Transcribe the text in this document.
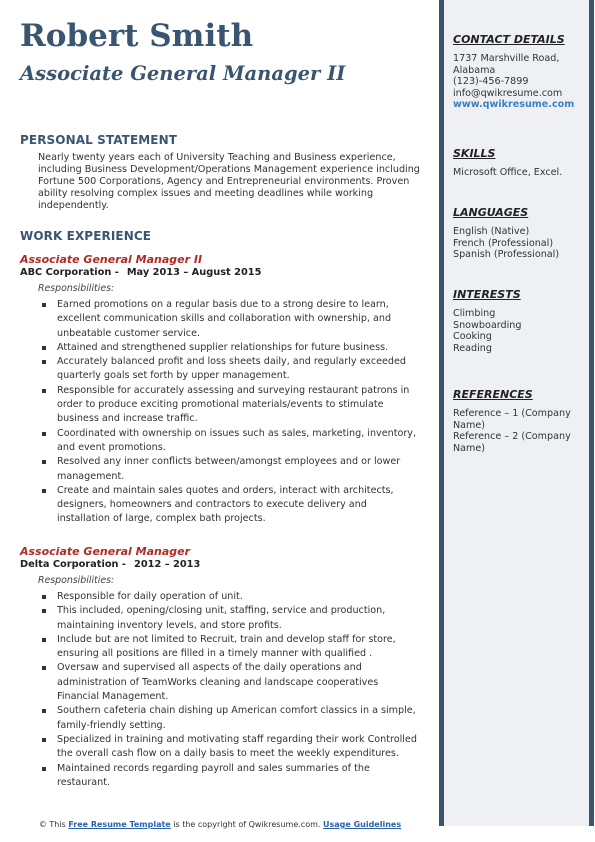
Robert Smith
Associate General Manager II
PERSONAL STATEMENT
Nearly twenty years each of University Teaching and Business experience, including Business Development/Operations Management experience including Fortune 500 Corporations, Agency and Entrepreneurial environments. Proven ability resolving complex issues and meeting deadlines while working independently.
WORK EXPERIENCE
Associate General Manager II
ABC Corporation - May 2013 – August 2015
Responsibilities:
Earned promotions on a regular basis due to a strong desire to learn, excellent communication skills and collaboration with ownership, and unbeatable customer service.
Attained and strengthened supplier relationships for future business.
Accurately balanced profit and loss sheets daily, and regularly exceeded quarterly goals set forth by upper management.
Responsible for accurately assessing and surveying restaurant patrons in order to produce exciting promotional materials/events to stimulate business and increase traffic.
Coordinated with ownership on issues such as sales, marketing, inventory, and event promotions.
Resolved any inner conflicts between/amongst employees and or lower management.
Create and maintain sales quotes and orders, interact with architects, designers, homeowners and contractors to execute delivery and installation of large, complex bath projects.
Associate General Manager
Delta Corporation - 2012 – 2013
Responsibilities:
Responsible for daily operation of unit.
This included, opening/closing unit, staffing, service and production, maintaining inventory levels, and store profits.
Include but are not limited to Recruit, train and develop staff for store, ensuring all positions are filled in a timely manner with qualified .
Oversaw and supervised all aspects of the daily operations and administration of TeamWorks cleaning and landscape cooperatives Financial Management.
Southern cafeteria chain dishing up American comfort classics in a simple, family-friendly setting.
Specialized in training and motivating staff regarding their work Controlled the overall cash flow on a daily basis to meet the weekly expenditures.
Maintained records regarding payroll and sales summaries of the restaurant.
CONTACT DETAILS
1737 Marshville Road, Alabama
(123)-456-7899
info@qwikresume.com
www.qwikresume.com
SKILLS
Microsoft Office, Excel.
LANGUAGES
English (Native)
French (Professional)
Spanish (Professional)
INTERESTS
Climbing
Snowboarding
Cooking
Reading
REFERENCES
Reference – 1 (Company Name)
Reference – 2 (Company Name)
© This Free Resume Template is the copyright of Qwikresume.com. Usage Guidelines
